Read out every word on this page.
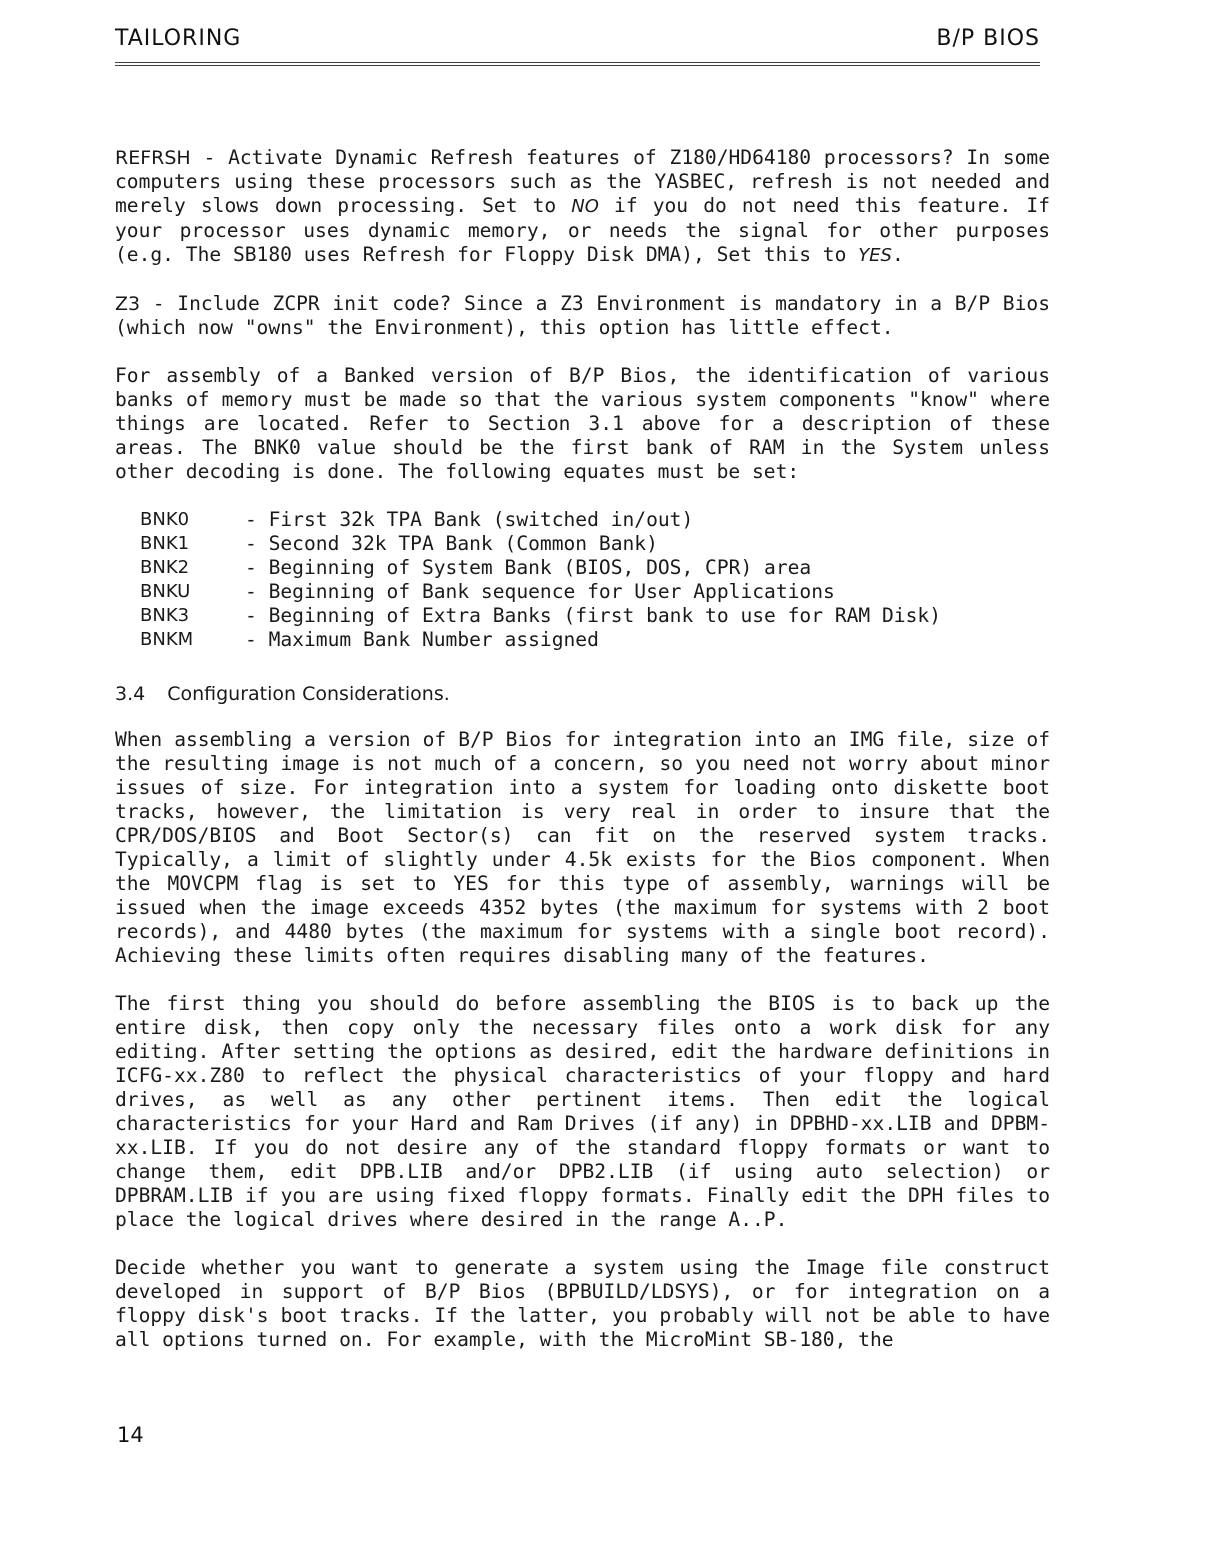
TAILORING	B/P BIOS

REFRSH - Activate Dynamic Refresh features of Z180/HD64180 processors? In some computers using these processors such as the YASBEC, refresh is not needed and merely slows down processing. Set to NO if you do not need this feature. If your processor uses dynamic memory, or needs the signal for other purposes (e.g. The SB180 uses Refresh for Floppy Disk DMA), Set this to YES.

Z3 - Include ZCPR init code? Since a Z3 Environment is mandatory in a B/P Bios (which now "owns" the Environment), this option has little effect.

For assembly of a Banked version of B/P Bios, the identification of various banks of memory must be made so that the various system components "know" where things are located. Refer to Section 3.1 above for a description of these areas. The BNK0 value should be the first bank of RAM in the System unless other decoding is done. The following equates must be set:

BNK0	- First 32k TPA Bank (switched in/out)
BNK1	- Second 32k TPA Bank (Common Bank)
BNK2	- Beginning of System Bank (BIOS, DOS, CPR) area
BNKU	- Beginning of Bank sequence for User Applications
BNK3	- Beginning of Extra Banks (first bank to use for RAM Disk)
BNKM	- Maximum Bank Number assigned
3.4 Configuration Considerations.

When assembling a version of B/P Bios for integration into an IMG file, size of the resulting image is not much of a concern, so you need not worry about minor issues of size. For integration into a system for loading onto diskette boot tracks, however, the limitation is very real in order to insure that the CPR/DOS/BIOS and Boot Sector(s) can fit on the reserved system tracks. Typically, a limit of slightly under 4.5k exists for the Bios component. When the MOVCPM flag is set to YES for this type of assembly, warnings will be issued when the image exceeds 4352 bytes (the maximum for systems with 2 boot records), and 4480 bytes (the maximum for systems with a single boot record). Achieving these limits often requires disabling many of the features.

The first thing you should do before assembling the BIOS is to back up the entire disk, then copy only the necessary files onto a work disk for any editing. After setting the options as desired, edit the hardware definitions in ICFG-xx.Z80 to reflect the physical characteristics of your floppy and hard drives, as well as any other pertinent items. Then edit the logical characteristics for your Hard and Ram Drives (if any) in DPBHD-xx.LIB and DPBM-xx.LIB. If you do not desire any of the standard floppy formats or want to change them, edit DPB.LIB and/or DPB2.LIB (if using auto selection) or DPBRAM.LIB if you are using fixed floppy formats. Finally edit the DPH files to place the logical drives where desired in the range A..P.

Decide whether you want to generate a system using the Image file construct developed in support of B/P Bios (BPBUILD/LDSYS), or for integration on a floppy disk's boot tracks. If the latter, you probably will not be able to have all options turned on. For example, with the MicroMint SB-180, the

14
